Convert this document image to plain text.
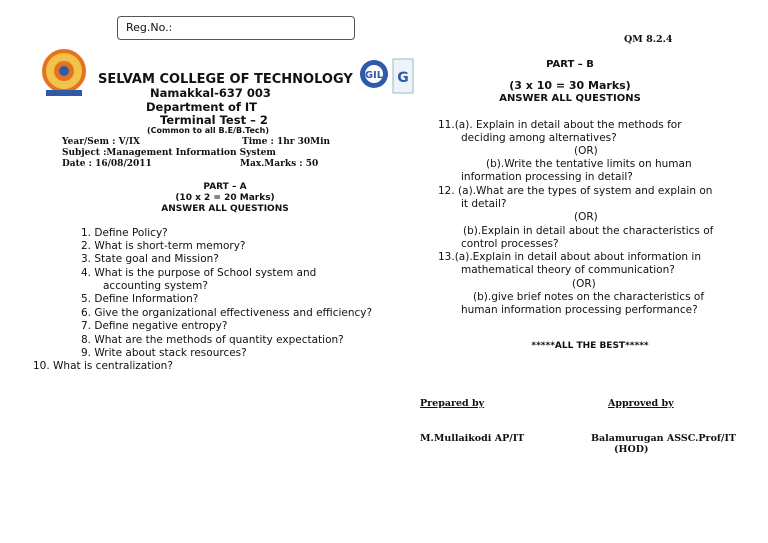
Reg.No.:
GIL G
SELVAM COLLEGE OF TECHNOLOGY
Namakkal-637 003
Department of IT
Terminal Test – 2
(Common to all B.E/B.Tech)
Year/Sem : V/IX	Time : 1hr 30Min
Subject :Management Information System
Date : 16/08/2011	Max.Marks : 50
PART – A
(10 x 2 = 20 Marks)
ANSWER ALL QUESTIONS
1. Define Policy?
2. What is short-term memory?
3. State goal and Mission?
4. What is the purpose of School system and
accounting system?
5. Define Information?
6. Give the organizational effectiveness and efficiency?
7. Define negative entropy?
8. What are the methods of quantity expectation?
9. Write about stack resources?
10. What is centralization?
QM 8.2.4
PART – B
(3 x 10 = 30 Marks)
ANSWER ALL QUESTIONS
11.(a). Explain in detail about the methods for
deciding among alternatives?
(OR)
(b).Write the tentative limits on human
information processing in detail?
12. (a).What are the types of system and explain on
it detail?
(OR)
(b).Explain in detail about the characteristics of
control processes?
13.(a).Explain in detail about about information in
mathematical theory of communication?
(OR)
(b).give brief notes on the characteristics of
human information processing performance?
*****ALL THE BEST*****
Prepared by	Approved by
M.Mullaikodi AP/IT	Balamurugan ASSC.Prof/IT
(HOD)
